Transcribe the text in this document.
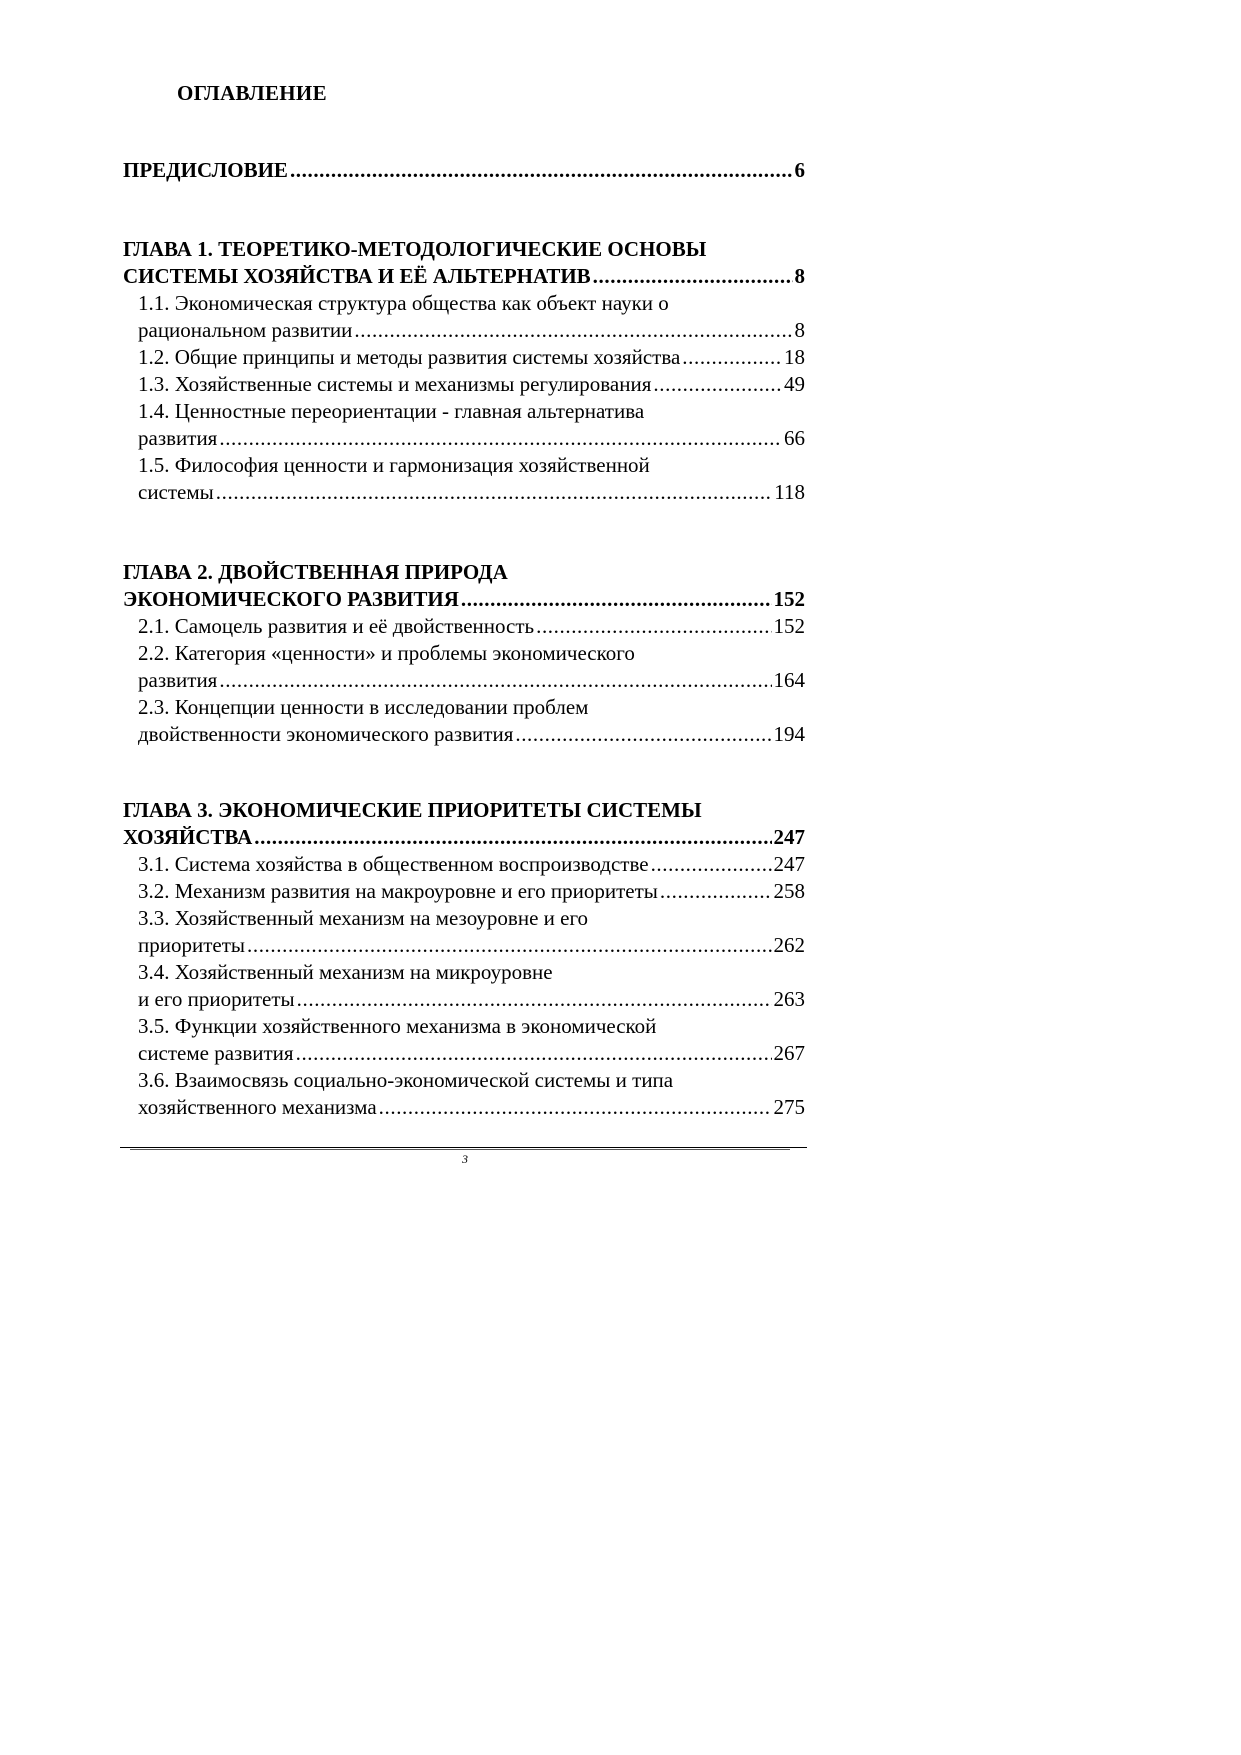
ОГЛАВЛЕНИЕ
ПРЕДИСЛОВИЕ .....	6
ГЛАВА 1. ТЕОРЕТИКО-МЕТОДОЛОГИЧЕСКИЕ ОСНОВЫ
СИСТЕМЫ ХОЗЯЙСТВА И ЕЁ АЛЬТЕРНАТИВ .....	8
1.1. Экономическая структура общества как объект науки о
рациональном развитии .....	8
1.2. Общие принципы и методы развития системы хозяйства .....	18
1.3. Хозяйственные системы и механизмы регулирования .....	49
1.4. Ценностные переориентации - главная альтернатива
развития .....	66
1.5. Философия ценности и гармонизация хозяйственной
системы .....	118
ГЛАВА 2. ДВОЙСТВЕННАЯ ПРИРОДА
ЭКОНОМИЧЕСКОГО РАЗВИТИЯ .....	152
2.1. Самоцель развития и её двойственность .....	152
2.2. Категория «ценности» и проблемы экономического
развития .....	164
2.3. Концепции ценности в исследовании проблем
двойственности экономического развития .....	194
ГЛАВА 3. ЭКОНОМИЧЕСКИЕ ПРИОРИТЕТЫ СИСТЕМЫ
ХОЗЯЙСТВА .....	247
3.1. Система хозяйства в общественном воспроизводстве .....	247
3.2. Механизм развития на макроуровне и его приоритеты .....	258
3.3. Хозяйственный механизм на мезоуровне и его
приоритеты .....	262
3.4. Хозяйственный механизм на микроуровне
и его приоритеты .....	263
3.5. Функции хозяйственного механизма в экономической
системе развития .....	267
3.6. Взаимосвязь социально-экономической системы и типа
хозяйственного механизма .....	275
3
